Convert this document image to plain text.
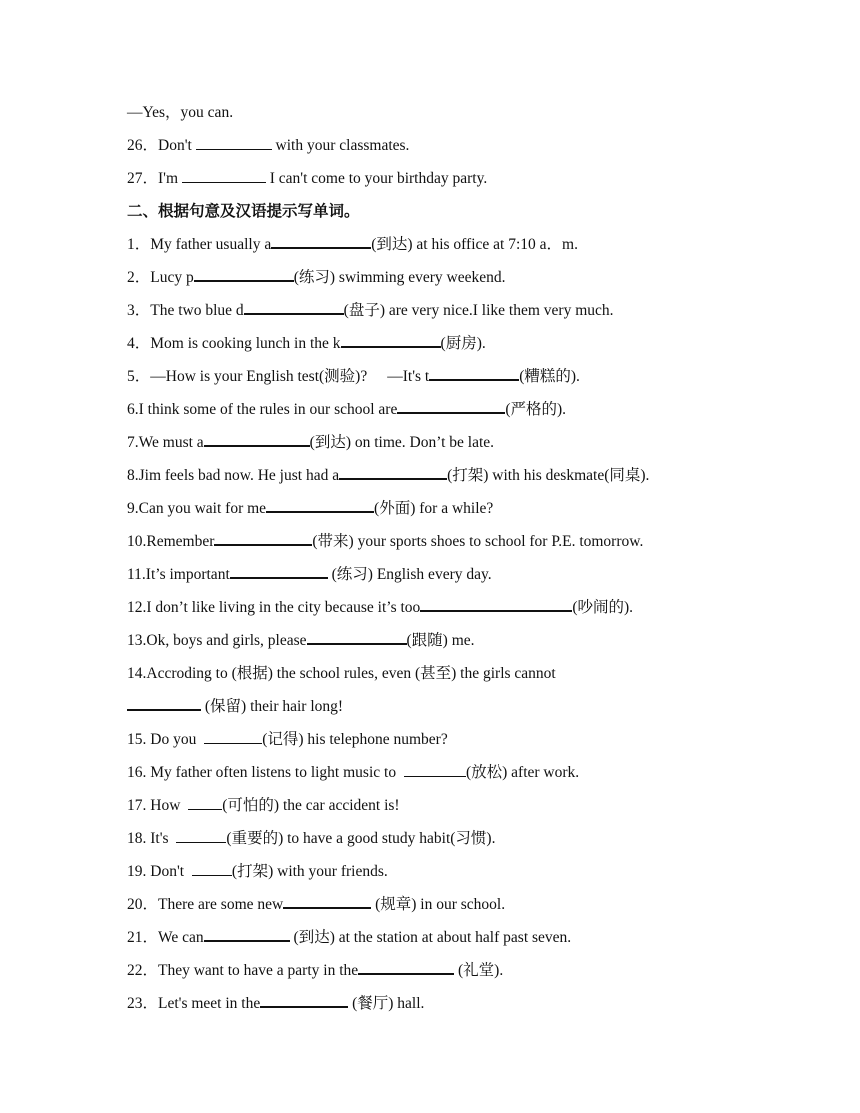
—Yes，you can.
26．Don't	with your classmates.
27．I'm	I can't come to your birthday party.
二、根据句意及汉语提示写单词。
1．My father usually a	(到达) at his office at 7:10 a．m.
2．Lucy p	(练习) swimming every weekend.
3．The two blue d	(盘子) are very nice.I like them very much.
4．Mom is cooking lunch in the k	(厨房).
5．—How is your English test(测验)? —It's t	(糟糕的).
6.I think some of the rules in our school are	(严格的).
7.We must a	(到达) on time. Don’t be late.
8.Jim feels bad now. He just had a	(打架) with his deskmate(同桌).
9.Can you wait for me	(外面) for a while?
10.Remember	(带来) your sports shoes to school for P.E. tomorrow.
11.It’s important	(练习) English every day.
12.I don’t like living in the city because it’s too	(吵闹的).
13.Ok, boys and girls, please	(跟随) me.
14.Accroding to (根据) the school rules, even (甚至) the girls cannot
(保留) their hair long!
15. Do you	(记得) his telephone number?
16. My father often listens to light music to	(放松) after work.
17. How (可怕的) the car accident is!
18. It's	(重要的) to have a good study habit(习惯).
19. Don't	(打架) with your friends.
20．There are some new	(规章) in our school.
21．We can	(到达) at the station at about half past seven.
22．They want to have a party in the	(礼堂).
23．Let's meet in the	(餐厅) hall.
